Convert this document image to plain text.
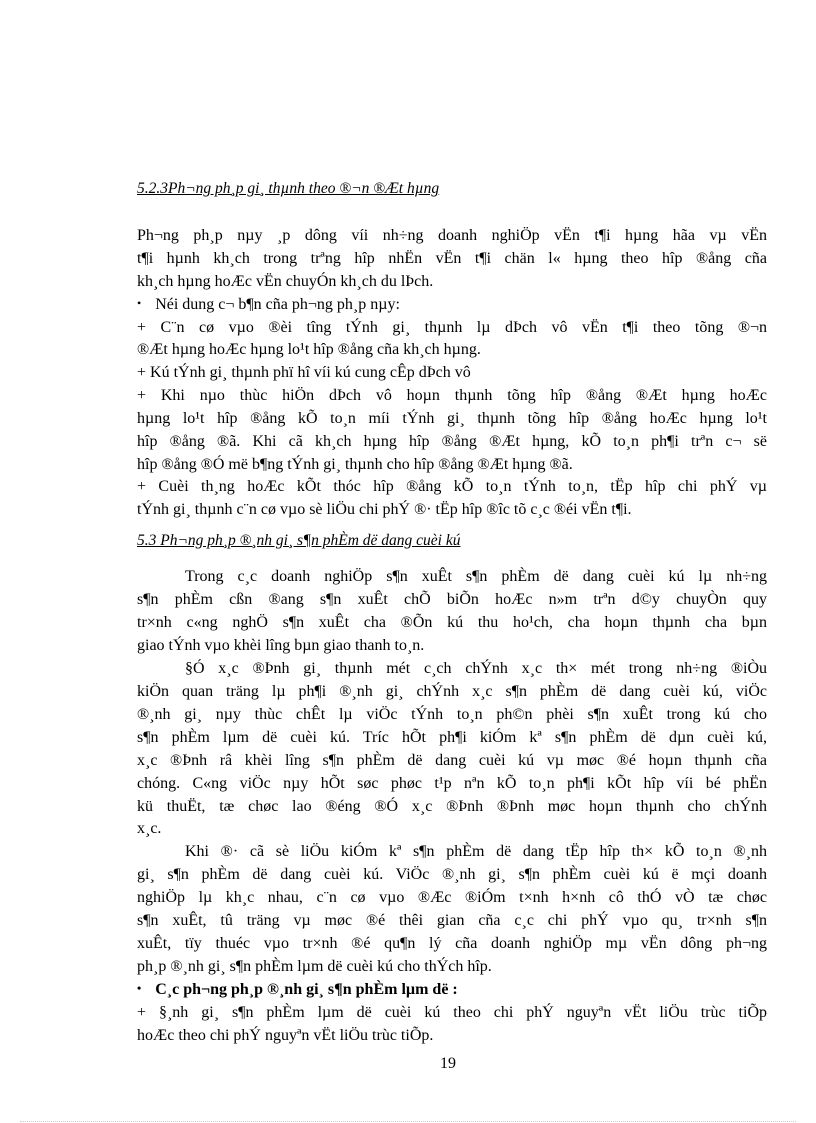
5.2.3Ph¬ng ph¸p gi¸ thµnh theo ®¬n ®Æt hµng
Ph¬ng ph¸p nµy ¸p dông víi nh÷ng doanh nghiÖp vËn t¶i hµng hãa vµ vËn
t¶i hµnh kh¸ch trong trªng hîp nhËn vËn t¶i chän l« hµng theo hîp ®ång cña
kh¸ch hµng hoÆc vËn chuyÓn kh¸ch du lÞch.
• Néi dung c¬ b¶n cña ph¬ng ph¸p nµy:
+ C¨n cø vµo ®èi tîng tÝnh gi¸ thµnh lµ dÞch vô vËn t¶i theo tõng ®¬n
®Æt hµng hoÆc hµng lo¹t hîp ®ång cña kh¸ch hµng.
+ Kú tÝnh gi¸ thµnh phï hî víi kú cung cÊp dÞch vô
+ Khi nµo thùc hiÖn dÞch vô hoµn thµnh tõng hîp ®ång ®Æt hµng hoÆc
hµng lo¹t hîp ®ång kÕ to¸n míi tÝnh gi¸ thµnh tõng hîp ®ång hoÆc hµng lo¹t
hîp ®ång ®ã. Khi cã kh¸ch hµng hîp ®ång ®Æt hµng, kÕ to¸n ph¶i trªn c¬ së
hîp ®ång ®Ó më b¶ng tÝnh gi¸ thµnh cho hîp ®ång ®Æt hµng ®ã.
+ Cuèi th¸ng hoÆc kÕt thóc hîp ®ång kÕ to¸n tÝnh to¸n, tËp hîp chi phÝ vµ
tÝnh gi¸ thµnh c¨n cø vµo sè liÖu chi phÝ ®· tËp hîp ®îc tõ c¸c ®éi vËn t¶i.
5.3 Ph¬ng ph¸p ®¸nh gi¸ s¶n phÈm dë dang cuèi kú
Trong c¸c doanh nghiÖp s¶n xuÊt s¶n phÈm dë dang cuèi kú lµ nh÷ng
s¶n phÈm cßn ®ang s¶n xuÊt chÕ biÕn hoÆc n»m trªn d©y chuyÒn quy
tr×nh c«ng nghÖ s¶n xuÊt cha ®Õn kú thu ho¹ch, cha hoµn thµnh cha bµn
giao tÝnh vµo khèi lîng bµn giao thanh to¸n.
§Ó x¸c ®Þnh gi¸ thµnh mét c¸ch chÝnh x¸c th× mét trong nh÷ng ®iÒu
kiÖn quan träng lµ ph¶i ®¸nh gi¸ chÝnh x¸c s¶n phÈm dë dang cuèi kú, viÖc
®¸nh gi¸ nµy thùc chÊt lµ viÖc tÝnh to¸n ph©n phèi s¶n xuÊt trong kú cho
s¶n phÈm lµm dë cuèi kú. Tríc hÕt ph¶i kiÓm kª s¶n phÈm dë dµn cuèi kú,
x¸c ®Þnh râ khèi lîng s¶n phÈm dë dang cuèi kú vµ møc ®é hoµn thµnh cña
chóng. C«ng viÖc nµy hÕt søc phøc t¹p nªn kÕ to¸n ph¶i kÕt hîp víi bé phËn
kü thuËt, tæ chøc lao ®éng ®Ó x¸c ®Þnh ®Þnh møc hoµn thµnh cho chÝnh
x¸c.
Khi ®· cã sè liÖu kiÓm kª s¶n phÈm dë dang tËp hîp th× kÕ to¸n ®¸nh
gi¸ s¶n phÈm dë dang cuèi kú. ViÖc ®¸nh gi¸ s¶n phÈm cuèi kú ë mçi doanh
nghiÖp lµ kh¸c nhau, c¨n cø vµo ®Æc ®iÓm t×nh h×nh cô thÓ vÒ tæ chøc
s¶n xuÊt, tû träng vµ møc ®é thêi gian cña c¸c chi phÝ vµo qu¸ tr×nh s¶n
xuÊt, tïy thuéc vµo tr×nh ®é qu¶n lý cña doanh nghiÖp mµ vËn dông ph¬ng
ph¸p ®¸nh gi¸ s¶n phÈm lµm dë cuèi kú cho thÝch hîp.
• C¸c ph¬ng ph¸p ®¸nh gi¸ s¶n phÈm lµm dë :
+ §¸nh gi¸ s¶n phÈm lµm dë cuèi kú theo chi phÝ nguyªn vËt liÖu trùc tiÕp
hoÆc theo chi phÝ nguyªn vËt liÖu trùc tiÕp.
19
